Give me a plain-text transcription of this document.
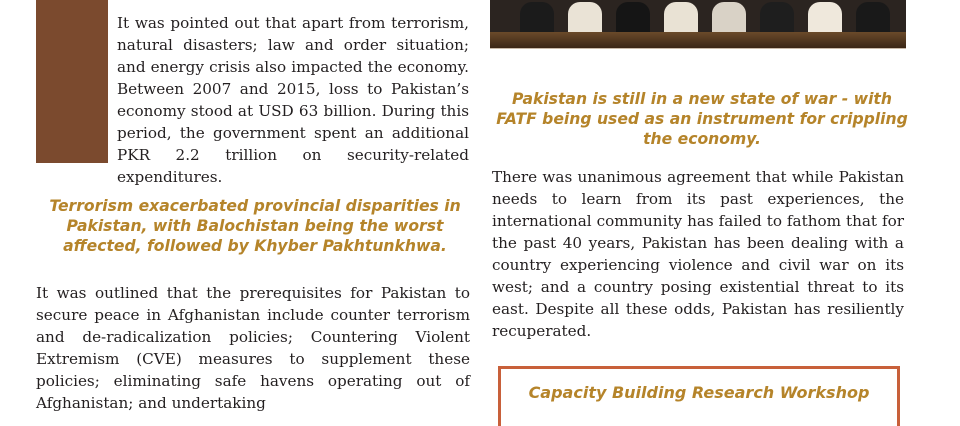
It was pointed out that apart from terrorism, natural disasters; law and order situation; and energy crisis also impacted the economy. Between 2007 and 2015, loss to Pakistan’s economy stood at USD 63 billion. During this period, the government spent an additional PKR 2.2 trillion on security-related expenditures.

Terrorism exacerbated provincial disparities in Pakistan, with Balochistan being the worst affected, followed by Khyber Pakhtunkhwa.

It was outlined that the prerequisites for Pakistan to secure peace in Afghanistan include counter terrorism and de-radicalization policies; Countering Violent Extremism (CVE) measures to supplement these policies; eliminating safe havens operating out of Afghanistan; and undertaking

Pakistan is still in a new state of war - with FATF being used as an instrument for crippling the economy.

There was unanimous agreement that while Pakistan needs to learn from its past experiences, the international community has failed to fathom that for the past 40 years, Pakistan has been dealing with a country experiencing violence and civil war on its west; and a country posing existential threat to its east. Despite all these odds, Pakistan has resiliently recuperated.

Capacity Building Research Workshop
